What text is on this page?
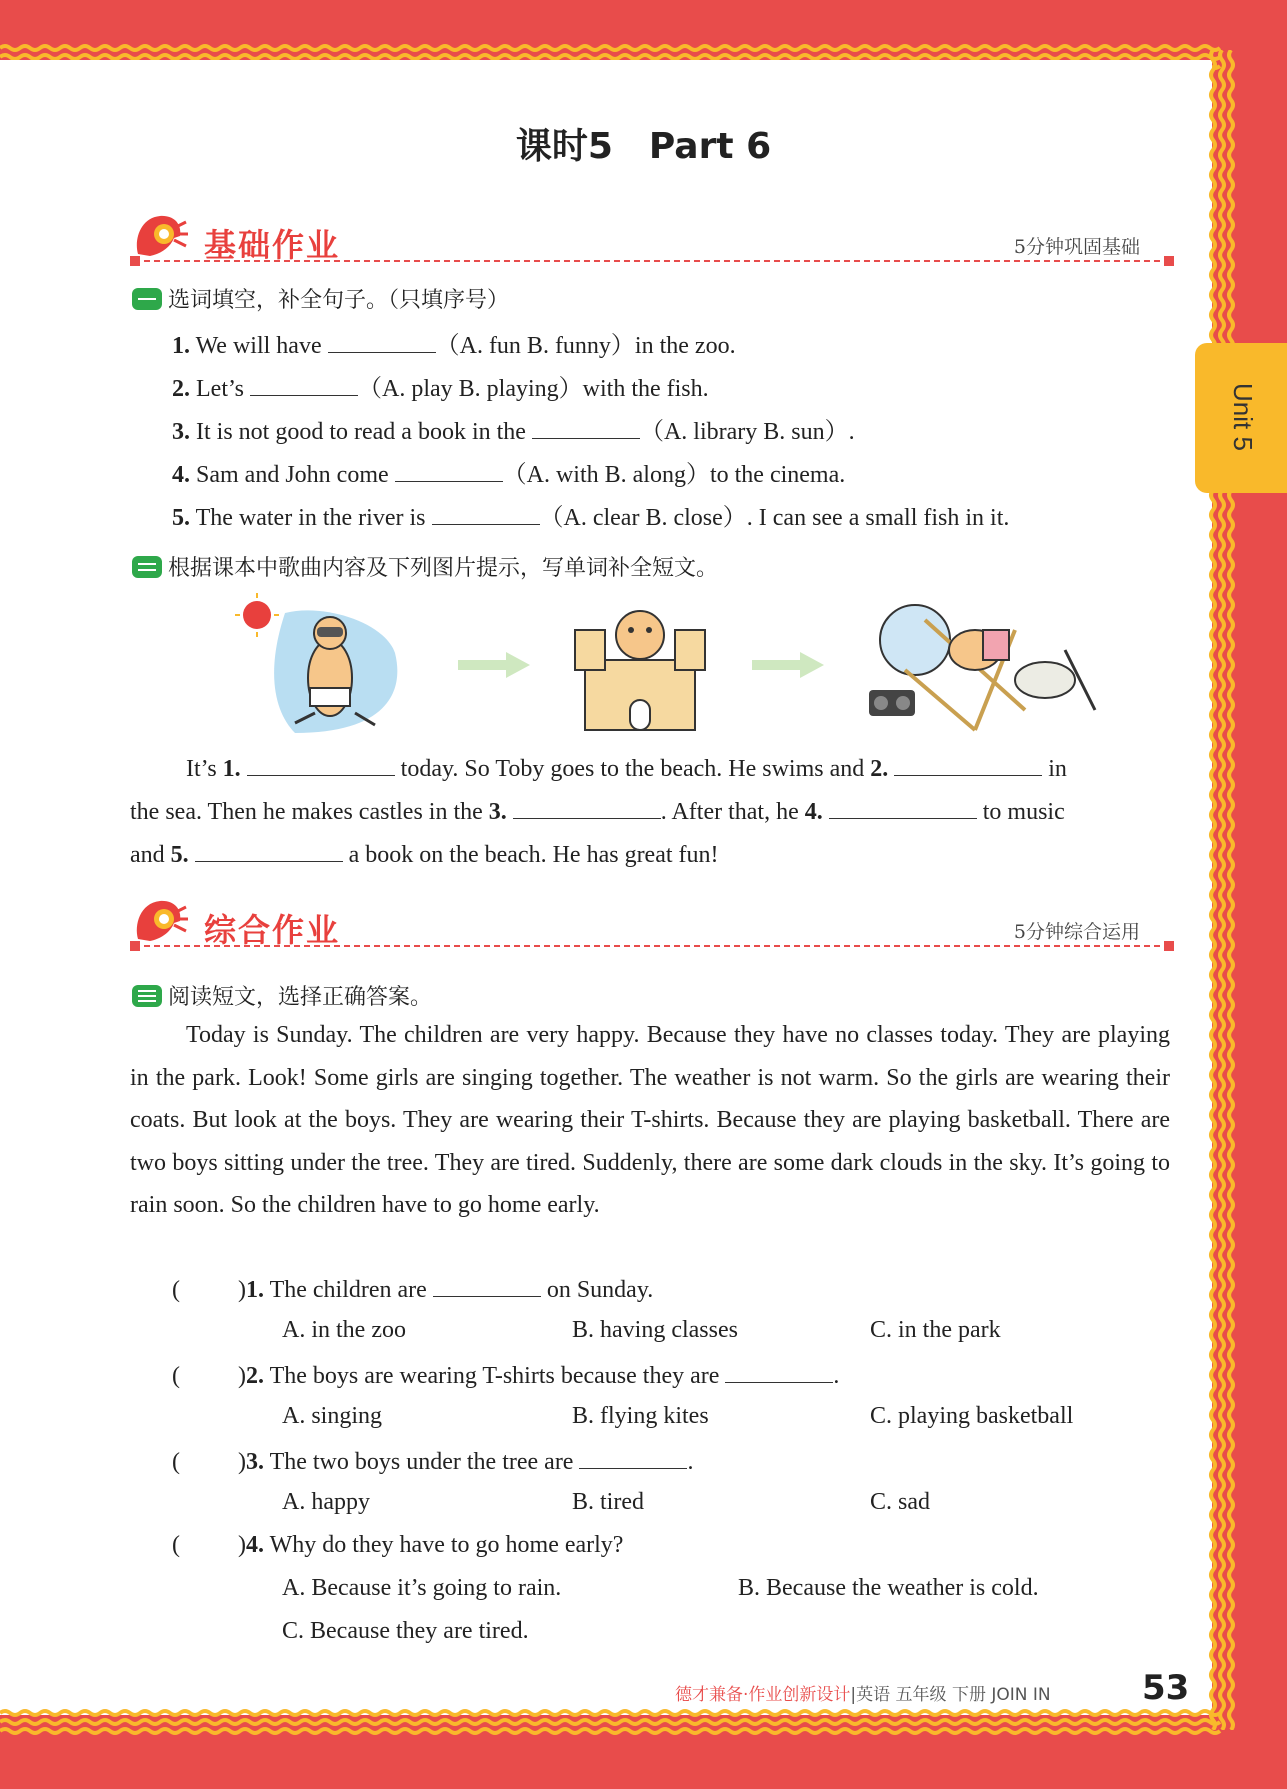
Unit 5
课时5　Part 6
基础作业	5分钟巩固基础
选词填空，补全句子。（只填序号）
1. We will have	（A. fun B. funny）in the zoo.
2. Let’s	（A. play B. playing）with the fish.
3. It is not good to read a book in the	（A. library B. sun）.
4. Sam and John come	（A. with B. along）to the cinema.
5. The water in the river is	（A. clear B. close）. I can see a small fish in it.
根据课本中歌曲内容及下列图片提示，写单词补全短文。
It’s 1.	today. So Toby goes to the beach. He swims and 2.	in
the sea. Then he makes castles in the 3.	. After that, he 4.	to music
and 5.	a book on the beach. He has great fun!
综合作业	5分钟综合运用
阅读短文，选择正确答案。

Today is Sunday. The children are very happy. Because they have no classes today. They are playing in the park. Look! Some girls are singing together. The weather is not warm. So the girls are wearing their coats. But look at the boys. They are wearing their T-shirts. Because they are playing basketball. There are two boys sitting under the tree. They are tired. Suddenly, there are some dark clouds in the sky. It’s going to rain soon. So the children have to go home early.

( )1. The children are	on Sunday.
A. in the zoo	B. having classes	C. in the park
( )2. The boys are wearing T-shirts because they are	.
A. singing	B. flying kites	C. playing basketball
( )3. The two boys under the tree are	.
A. happy	B. tired	C. sad
( )4. Why do they have to go home early?
A. Because it’s going to rain.	B. Because the weather is cold.
C. Because they are tired.
德才兼备·作业创新设计|英语 五年级 下册 JOIN IN	53
